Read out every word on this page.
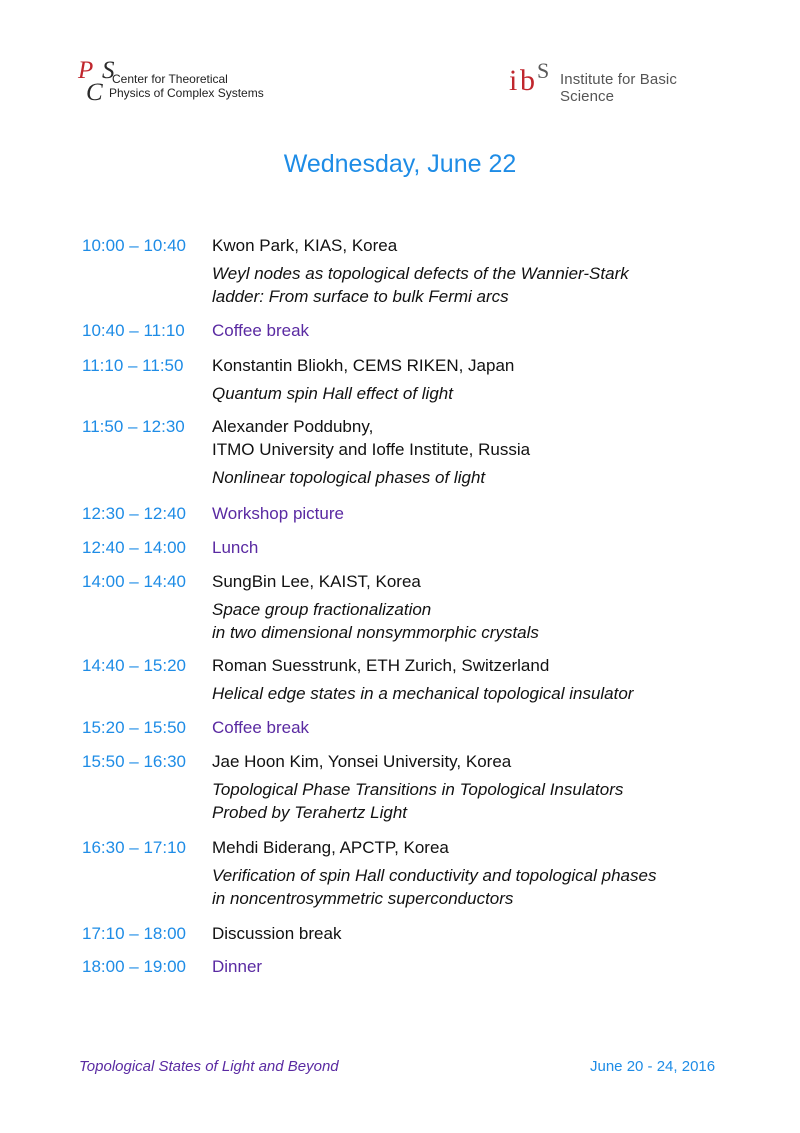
P S
C Center for Theoretical
Physics of Complex Systems	i b S Institute for Basic Science
Wednesday, June 22
10:00 – 10:40	Kwon Park, KIAS, Korea
Weyl nodes as topological defects of the Wannier-Stark
ladder: From surface to bulk Fermi arcs
10:40 – 11:10	Coffee break
11:10 – 11:50	Konstantin Bliokh, CEMS RIKEN, Japan
Quantum spin Hall effect of light
11:50 – 12:30	Alexander Poddubny,
ITMO University and Ioffe Institute, Russia
Nonlinear topological phases of light
12:30 – 12:40	Workshop picture
12:40 – 14:00	Lunch
14:00 – 14:40	SungBin Lee, KAIST, Korea
Space group fractionalization
in two dimensional nonsymmorphic crystals
14:40 – 15:20	Roman Suesstrunk, ETH Zurich, Switzerland
Helical edge states in a mechanical topological insulator
15:20 – 15:50	Coffee break
15:50 – 16:30	Jae Hoon Kim, Yonsei University, Korea
Topological Phase Transitions in Topological Insulators
Probed by Terahertz Light
16:30 – 17:10	Mehdi Biderang, APCTP, Korea
Verification of spin Hall conductivity and topological phases
in noncentrosymmetric superconductors
17:10 – 18:00	Discussion break
18:00 – 19:00	Dinner
Topological States of Light and Beyond	June 20 - 24, 2016
